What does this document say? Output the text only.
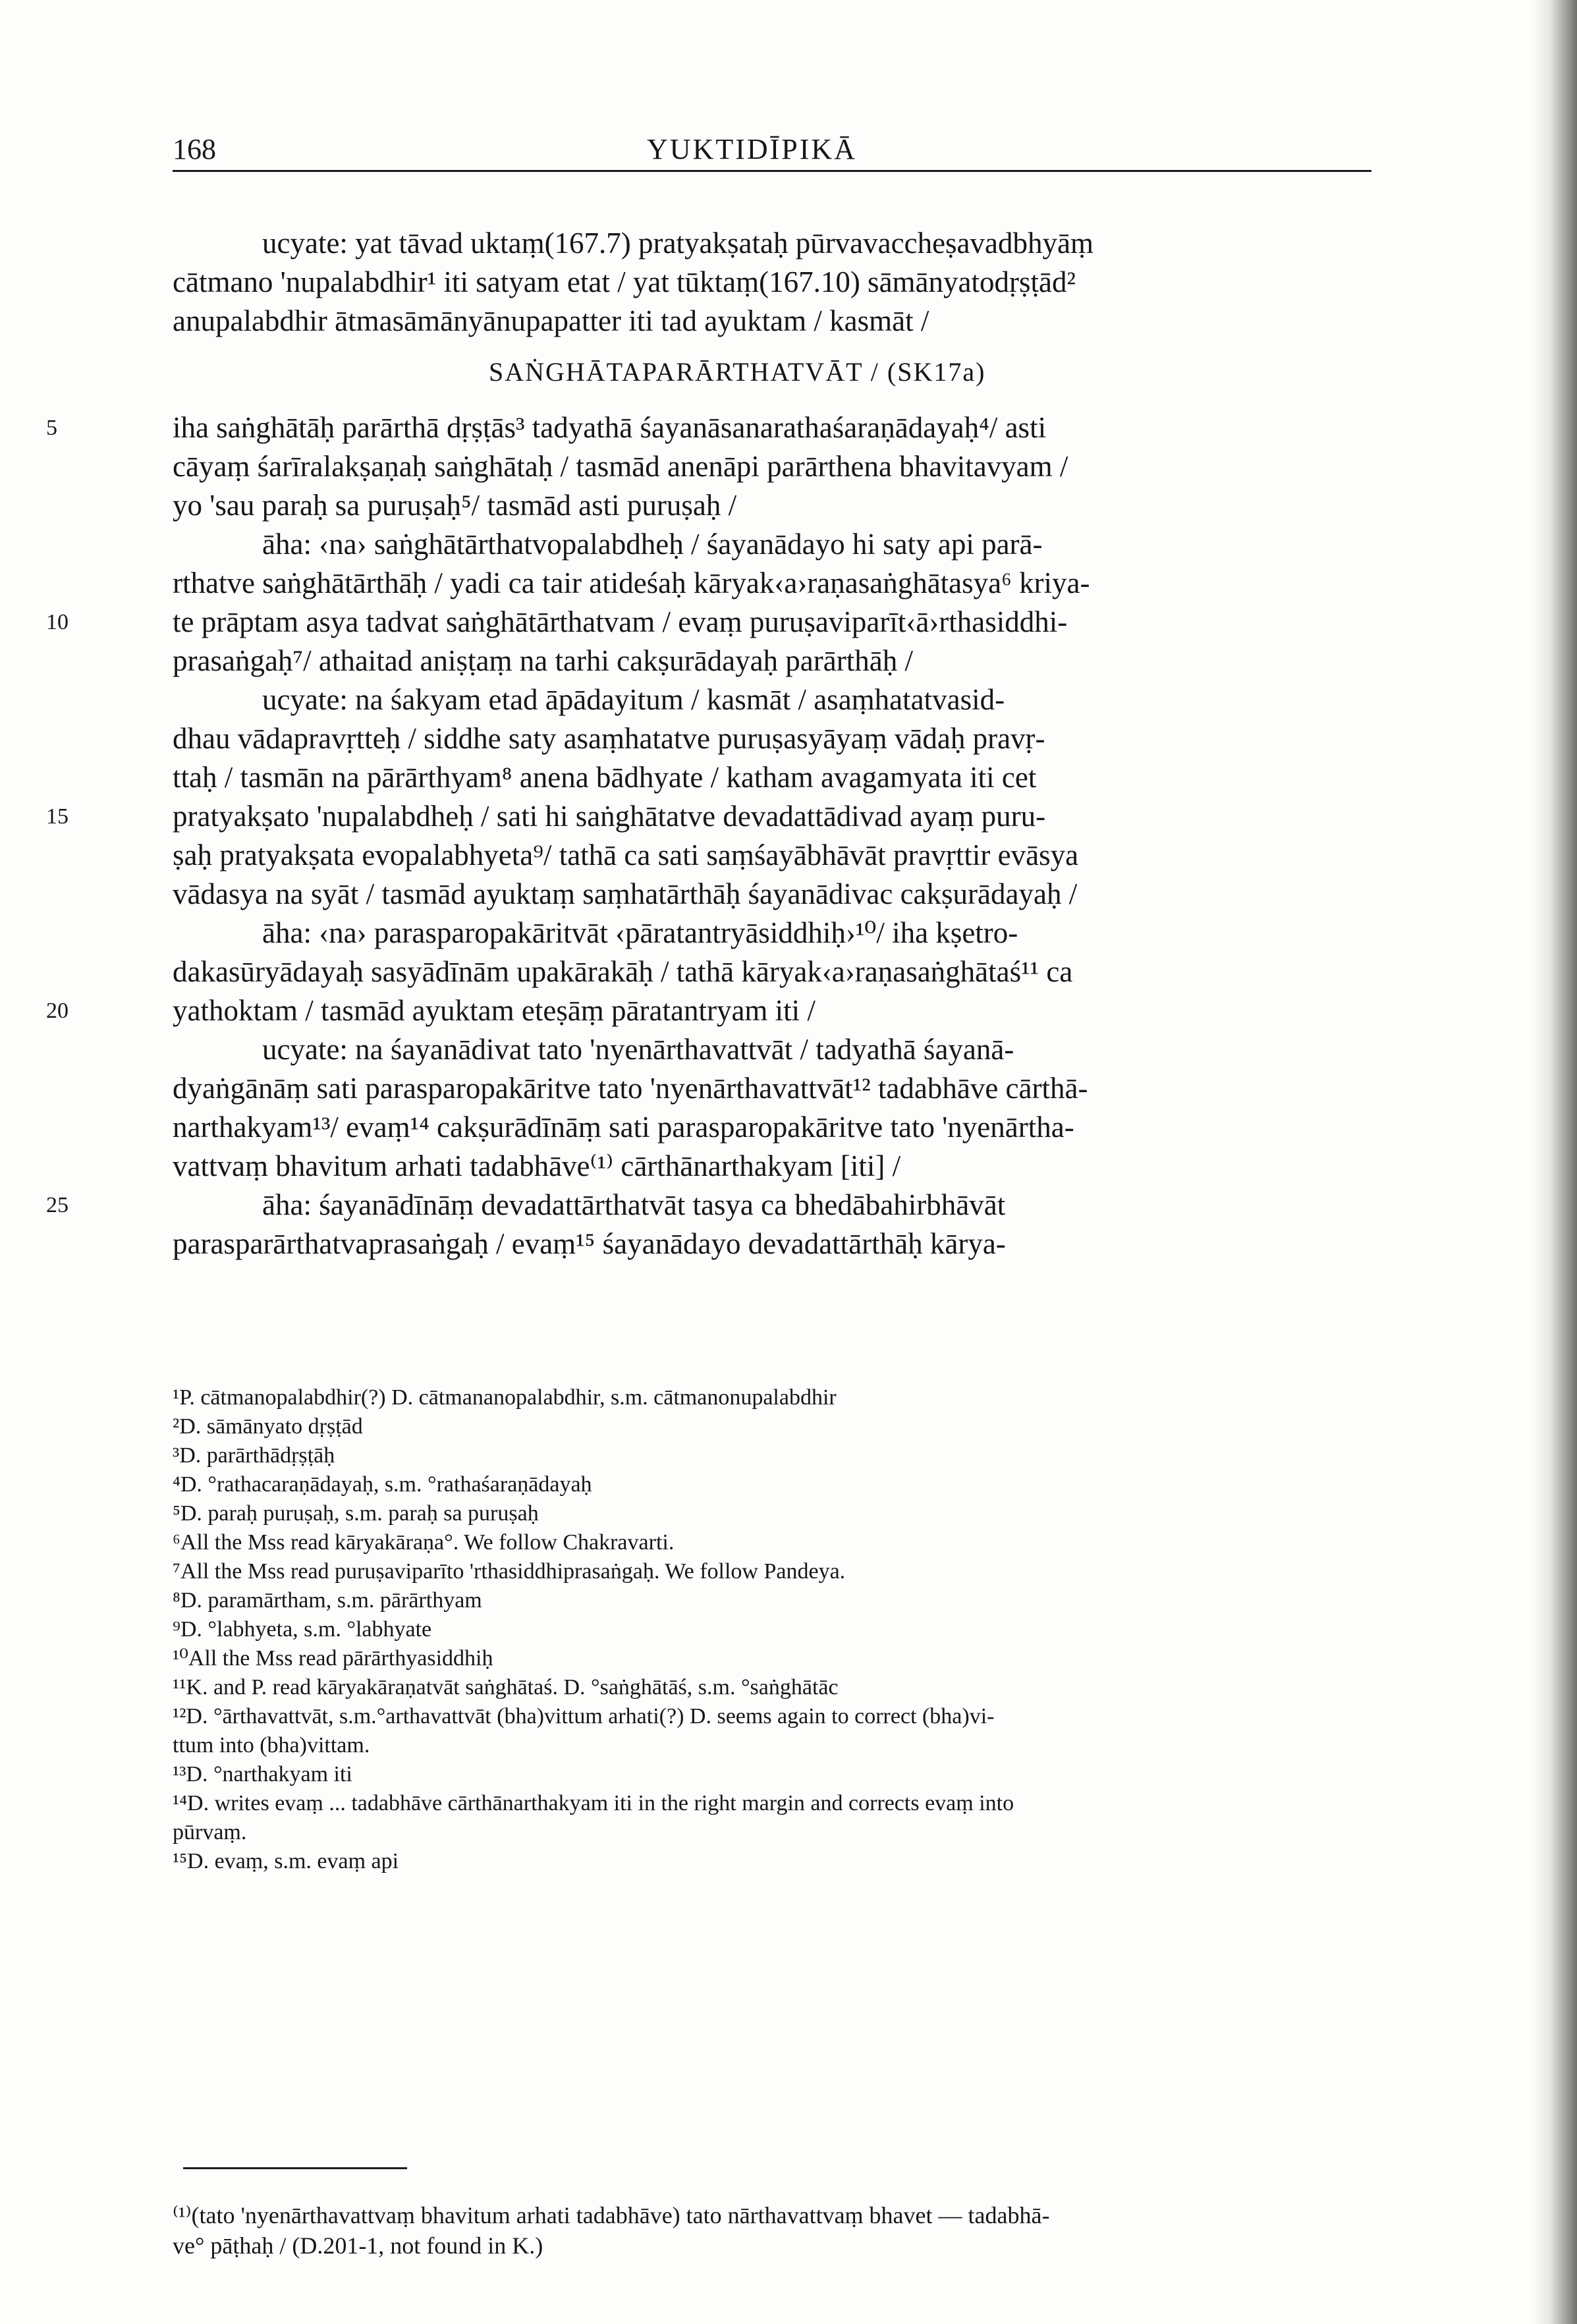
168	YUKTIDĪPIKĀ
ucyate: yat tāvad uktaṃ(167.7) pratyakṣataḥ pūrvavaccheṣavadbhyāṃ
cātmano 'nupalabdhir¹ iti satyam etat / yat tūktaṃ(167.10) sāmānyatodṛṣṭād²
anupalabdhir ātmasāmānyānupapatter iti tad ayuktam / kasmāt /
SAṄGHĀTAPARĀRTHATVĀT / (SK17a)
5	iha saṅghātāḥ parārthā dṛṣṭās³ tadyathā śayanāsanarathaśaraṇādayaḥ⁴/ asti
cāyaṃ śarīralakṣaṇaḥ saṅghātaḥ / tasmād anenāpi parārthena bhavitavyam /
yo 'sau paraḥ sa puruṣaḥ⁵/ tasmād asti puruṣaḥ /
āha: ‹na› saṅghātārthatvopalabdheḥ / śayanādayo hi saty api parā-
rthatve saṅghātārthāḥ / yadi ca tair atideśaḥ kāryak‹a›raṇasaṅghātasya⁶ kriya-
10	te prāptam asya tadvat saṅghātārthatvam / evaṃ puruṣaviparīt‹ā›rthasiddhi-
prasaṅgaḥ⁷/ athaitad aniṣṭaṃ na tarhi cakṣurādayaḥ parārthāḥ /
ucyate: na śakyam etad āpādayitum / kasmāt / asaṃhatatvasid-
dhau vādapravṛtteḥ / siddhe saty asaṃhatatve puruṣasyāyaṃ vādaḥ pravṛ-
ttaḥ / tasmān na pārārthyam⁸ anena bādhyate / katham avagamyata iti cet
15	pratyakṣato 'nupalabdheḥ / sati hi saṅghātatve devadattādivad ayaṃ puru-
ṣaḥ pratyakṣata evopalabhyeta⁹/ tathā ca sati saṃśayābhāvāt pravṛttir evāsya
vādasya na syāt / tasmād ayuktaṃ saṃhatārthāḥ śayanādivac cakṣurādayaḥ /
āha: ‹na› parasparopakāritvāt ‹pāratantryāsiddhiḥ›¹⁰/ iha kṣetro-
dakasūryādayaḥ sasyādīnām upakārakāḥ / tathā kāryak‹a›raṇasaṅghātaś¹¹ ca
20	yathoktam / tasmād ayuktam eteṣāṃ pāratantryam iti /
ucyate: na śayanādivat tato 'nyenārthavattvāt / tadyathā śayanā-
dyaṅgānāṃ sati parasparopakāritve tato 'nyenārthavattvāt¹² tadabhāve cārthā-
narthakyam¹³/ evaṃ¹⁴ cakṣurādīnāṃ sati parasparopakāritve tato 'nyenārtha-
vattvaṃ bhavitum arhati tadabhāve⁽¹⁾ cārthānarthakyam [iti] /
25	āha: śayanādīnāṃ devadattārthatvāt tasya ca bhedābahirbhāvāt
parasparārthatvaprasaṅgaḥ / evaṃ¹⁵ śayanādayo devadattārthāḥ kārya-
¹P. cātmanopalabdhir(?) D. cātmananopalabdhir, s.m. cātmanonupalabdhir
²D. sāmānyato dṛṣṭād
³D. parārthādṛṣṭāḥ
⁴D. °rathacaraṇādayaḥ, s.m. °rathaśaraṇādayaḥ
⁵D. paraḥ puruṣaḥ, s.m. paraḥ sa puruṣaḥ
⁶All the Mss read kāryakāraṇa°. We follow Chakravarti.
⁷All the Mss read puruṣaviparīto 'rthasiddhiprasaṅgaḥ. We follow Pandeya.
⁸D. paramārtham, s.m. pārārthyam
⁹D. °labhyeta, s.m. °labhyate
¹⁰All the Mss read pārārthyasiddhiḥ
¹¹K. and P. read kāryakāraṇatvāt saṅghātaś. D. °saṅghātāś, s.m. °saṅghātāc
¹²D. °ārthavattvāt, s.m.°arthavattvāt (bha)vittum arhati(?) D. seems again to correct (bha)vi-
ttum into (bha)vittam.
¹³D. °narthakyam iti
¹⁴D. writes evaṃ ... tadabhāve cārthānarthakyam iti in the right margin and corrects evaṃ into
pūrvaṃ.
¹⁵D. evaṃ, s.m. evaṃ api
⁽¹⁾(tato 'nyenārthavattvaṃ bhavitum arhati tadabhāve) tato nārthavattvaṃ bhavet — tadabhā-
ve° pāṭhaḥ / (D.201-1, not found in K.)
